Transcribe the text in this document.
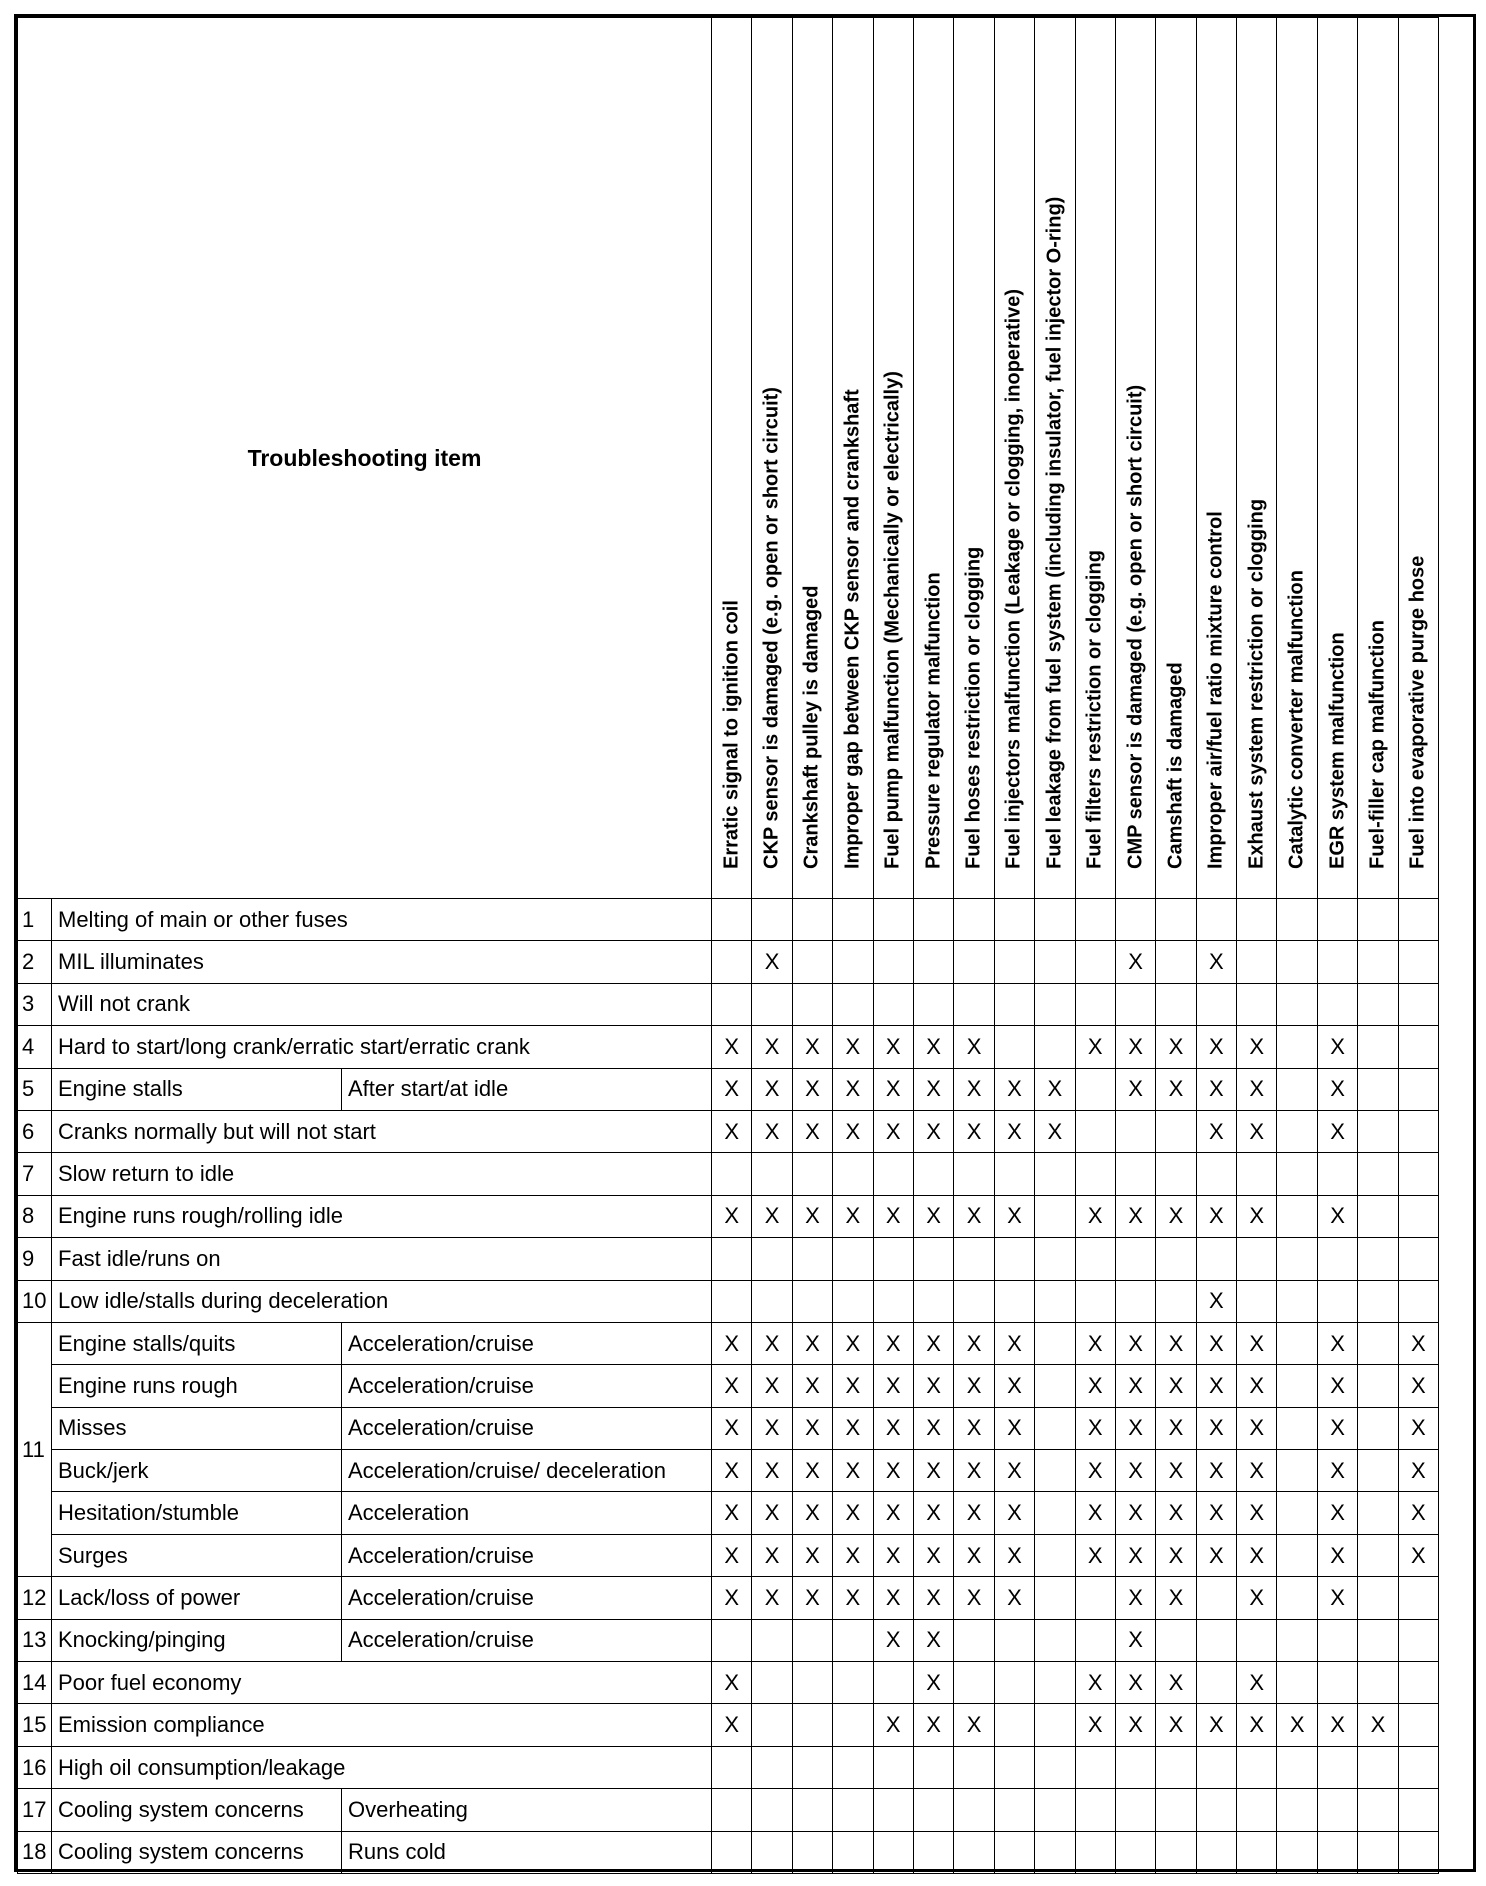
Troubleshooting item			Erratic signal to ignition coil	CKP sensor is damaged (e.g. open or short circuit)	Crankshaft pulley is damaged	Improper gap between CKP sensor and crankshaft	Fuel pump malfunction (Mechanically or electrically)	Pressure regulator malfunction	Fuel hoses restriction or clogging	Fuel injectors malfunction (Leakage or clogging, inoperative)	Fuel leakage from fuel system (including insulator, fuel injector O-ring)	Fuel filters restriction or clogging	CMP sensor is damaged (e.g. open or short circuit)	Camshaft is damaged	Improper air/fuel ratio mixture control	Exhaust system restriction or clogging	Catalytic converter malfunction	EGR system malfunction	Fuel-filler cap malfunction	Fuel into evaporative purge hose

1	Melting of main or other fuses																			
2	MIL illuminates			X									X		X					
3	Will not crank																			
4	Hard to start/long crank/erratic start/erratic crank		X	X	X	X	X	X	X			X	X	X	X	X		X		
5	Engine stalls	After start/at idle	X	X	X	X	X	X	X	X	X		X	X	X	X		X		
6	Cranks normally but will not start		X	X	X	X	X	X	X	X	X				X	X		X		
7	Slow return to idle																			
8	Engine runs rough/rolling idle		X	X	X	X	X	X	X	X		X	X	X	X	X		X		
9	Fast idle/runs on																			
10	Low idle/stalls during deceleration														X					
11	Engine stalls/quits	Acceleration/cruise	X	X	X	X	X	X	X	X		X	X	X	X	X		X		X
	Engine runs rough	Acceleration/cruise	X	X	X	X	X	X	X	X		X	X	X	X	X		X		X
	Misses	Acceleration/cruise	X	X	X	X	X	X	X	X		X	X	X	X	X		X		X
	Buck/jerk	Acceleration/cruise/ deceleration	X	X	X	X	X	X	X	X		X	X	X	X	X		X		X
	Hesitation/stumble	Acceleration	X	X	X	X	X	X	X	X		X	X	X	X	X		X		X
	Surges	Acceleration/cruise	X	X	X	X	X	X	X	X		X	X	X	X	X		X		X
12	Lack/loss of power	Acceleration/cruise	X	X	X	X	X	X	X	X			X	X		X		X		
13	Knocking/pinging	Acceleration/cruise					X	X					X							
14	Poor fuel economy		X					X				X	X	X		X				
15	Emission compliance		X				X	X	X			X	X	X	X	X	X	X	X	
16	High oil consumption/leakage																			
17	Cooling system concerns	Overheating																		
18	Cooling system concerns	Runs cold																		
